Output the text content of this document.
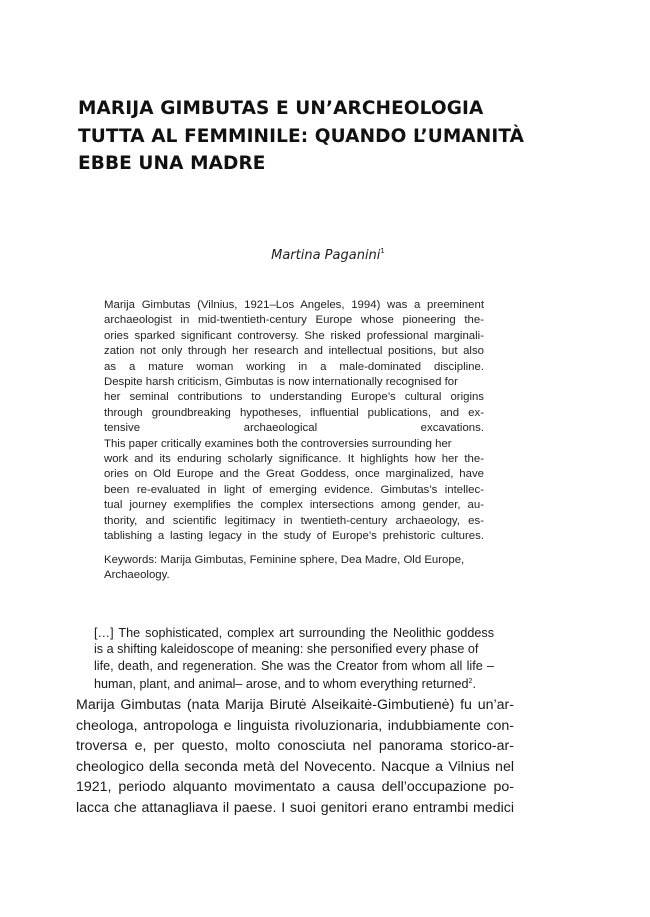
MARIJA GIMBUTAS E UN’ARCHEOLOGIA
TUTTA AL FEMMINILE: QUANDO L’UMANITÀ
EBBE UNA MADRE
Martina Paganini$^1$
Marija Gimbutas (Vilnius, 1921–Los Angeles, 1994) was a preeminent
archaeologist in mid-twentieth-century Europe whose pioneering the-
ories sparked significant controversy. She risked professional marginali-
zation not only through her research and intellectual positions, but also
as a mature woman working in a male-dominated discipline.
Despite harsh criticism, Gimbutas is now internationally recognised for
her seminal contributions to understanding Europe’s cultural origins
through groundbreaking hypotheses, influential publications, and ex-
tensive archaeological excavations.
This paper critically examines both the controversies surrounding her
work and its enduring scholarly significance. It highlights how her the-
ories on Old Europe and the Great Goddess, once marginalized, have
been re-evaluated in light of emerging evidence. Gimbutas’s intellec-
tual journey exemplifies the complex intersections among gender, au-
thority, and scientific legitimacy in twentieth-century archaeology, es-
tablishing a lasting legacy in the study of Europe’s prehistoric cultures.
Keywords: Marija Gimbutas, Feminine sphere, Dea Madre, Old Europe,
Archaeology.
[…] The sophisticated, complex art surrounding the Neolithic goddess
is a shifting kaleidoscope of meaning: she personified every phase of
life, death, and regeneration. She was the Creator from whom all life –
human, plant, and animal– arose, and to whom everything returned$^2$.
Marija Gimbutas (nata Marija Birutė Alseikaitė-Gimbutienė) fu un’ar-
cheologa, antropologa e linguista rivoluzionaria, indubbiamente con-
troversa e, per questo, molto conosciuta nel panorama storico-ar-
cheologico della seconda metà del Novecento. Nacque a Vilnius nel
1921, periodo alquanto movimentato a causa dell’occupazione po-
lacca che attanagliava il paese. I suoi genitori erano entrambi medici
